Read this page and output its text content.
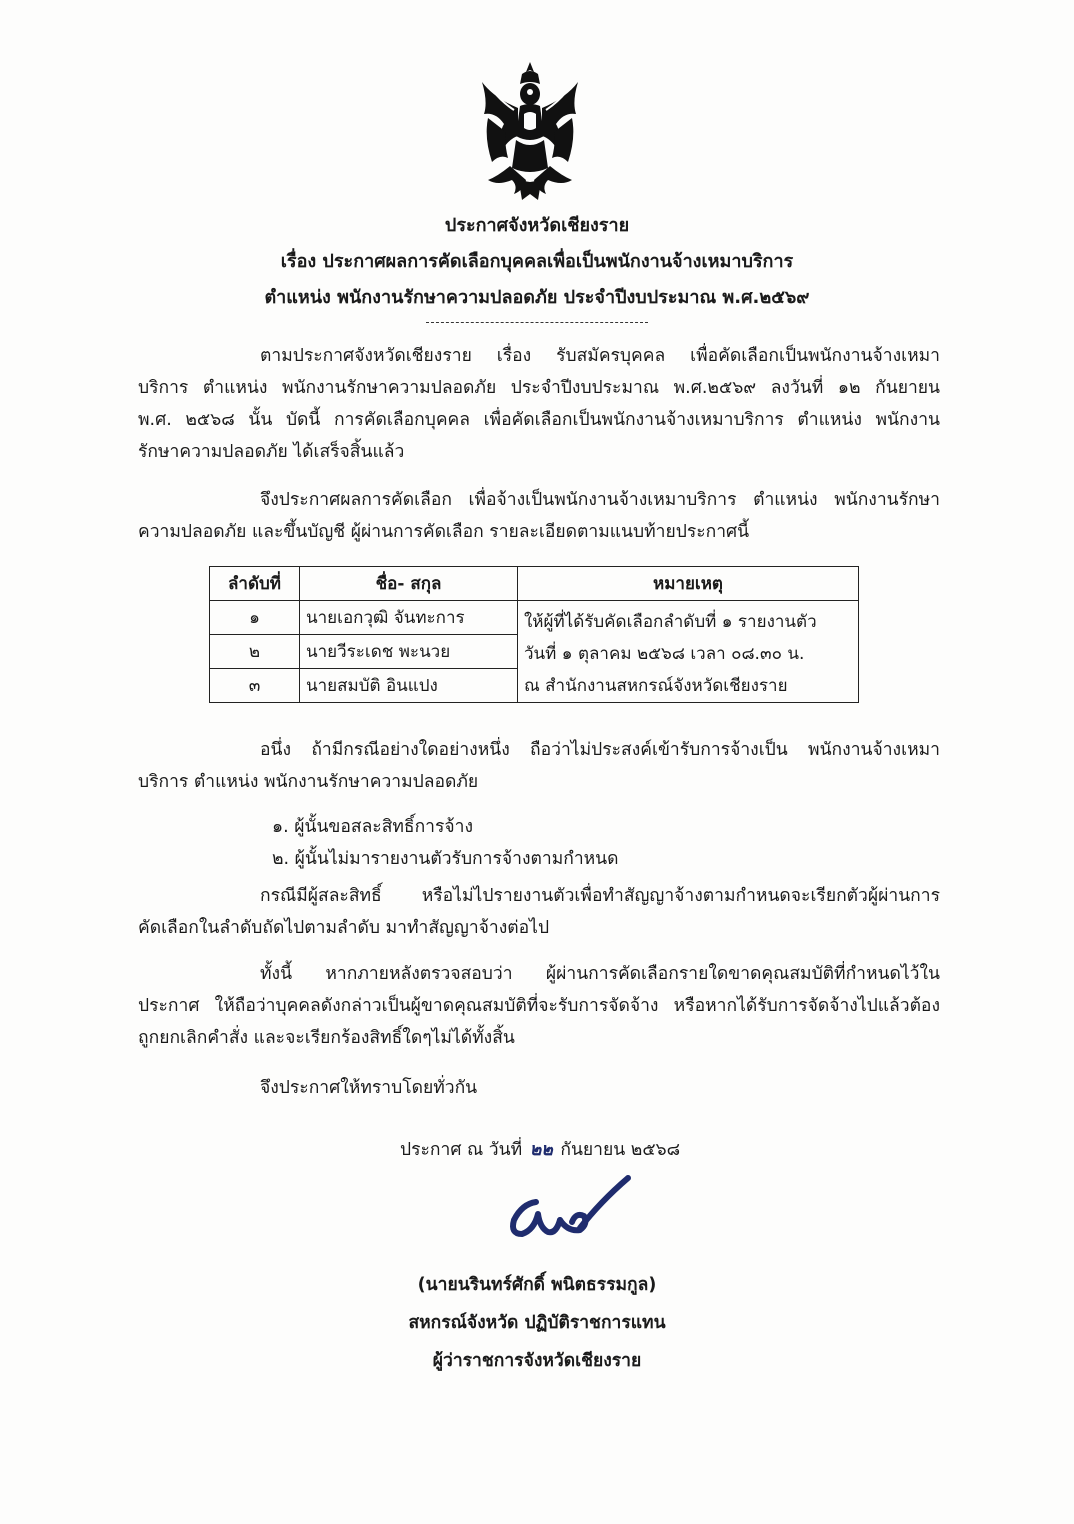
ประกาศจังหวัดเชียงราย
เรื่อง ประกาศผลการคัดเลือกบุคคลเพื่อเป็นพนักงานจ้างเหมาบริการ
ตำแหน่ง พนักงานรักษาความปลอดภัย ประจำปีงบประมาณ พ.ศ.๒๕๖๙
ตามประกาศจังหวัดเชียงราย เรื่อง รับสมัครบุคคล เพื่อคัดเลือกเป็นพนักงานจ้างเหมา
บริการ ตำแหน่ง พนักงานรักษาความปลอดภัย ประจำปีงบประมาณ พ.ศ.๒๕๖๙ ลงวันที่ ๑๒ กันยายน
พ.ศ. ๒๕๖๘ นั้น บัดนี้ การคัดเลือกบุคคล เพื่อคัดเลือกเป็นพนักงานจ้างเหมาบริการ ตำแหน่ง พนักงาน
รักษาความปลอดภัย ได้เสร็จสิ้นแล้ว
จึงประกาศผลการคัดเลือก เพื่อจ้างเป็นพนักงานจ้างเหมาบริการ ตำแหน่ง พนักงานรักษา
ความปลอดภัย และขึ้นบัญชี ผู้ผ่านการคัดเลือก รายละเอียดตามแนบท้ายประกาศนี้
ลำดับที่	ชื่อ- สกุล	หมายเหตุ
๑	นายเอกวุฒิ จันทะการ	ให้ผู้ที่ได้รับคัดเลือกลำดับที่ ๑ รายงานตัว
วันที่ ๑ ตุลาคม ๒๕๖๘ เวลา ๐๘.๓๐ น.
ณ สำนักงานสหกรณ์จังหวัดเชียงราย

๒	นายวีระเดช พะนวย	
๓	นายสมบัติ อินแปง	
อนึ่ง ถ้ามีกรณีอย่างใดอย่างหนึ่ง ถือว่าไม่ประสงค์เข้ารับการจ้างเป็น พนักงานจ้างเหมา
บริการ ตำแหน่ง พนักงานรักษาความปลอดภัย
๑. ผู้นั้นขอสละสิทธิ์การจ้าง
๒. ผู้นั้นไม่มารายงานตัวรับการจ้างตามกำหนด
กรณีมีผู้สละสิทธิ์ หรือไม่ไปรายงานตัวเพื่อทำสัญญาจ้างตามกำหนดจะเรียกตัวผู้ผ่านการ
คัดเลือกในลำดับถัดไปตามลำดับ มาทำสัญญาจ้างต่อไป
ทั้งนี้ หากภายหลังตรวจสอบว่า ผู้ผ่านการคัดเลือกรายใดขาดคุณสมบัติที่กำหนดไว้ใน
ประกาศ ให้ถือว่าบุคคลดังกล่าวเป็นผู้ขาดคุณสมบัติที่จะรับการจัดจ้าง หรือหากได้รับการจัดจ้างไปแล้วต้อง
ถูกยกเลิกคำสั่ง และจะเรียกร้องสิทธิ์ใดๆไม่ได้ทั้งสิ้น
จึงประกาศให้ทราบโดยทั่วกัน
ประกาศ ณ วันที่ ๒๒ กันยายน ๒๕๖๘
(นายนรินทร์ศักดิ์ พนิตธรรมกูล)
สหกรณ์จังหวัด ปฏิบัติราชการแทน
ผู้ว่าราชการจังหวัดเชียงราย
